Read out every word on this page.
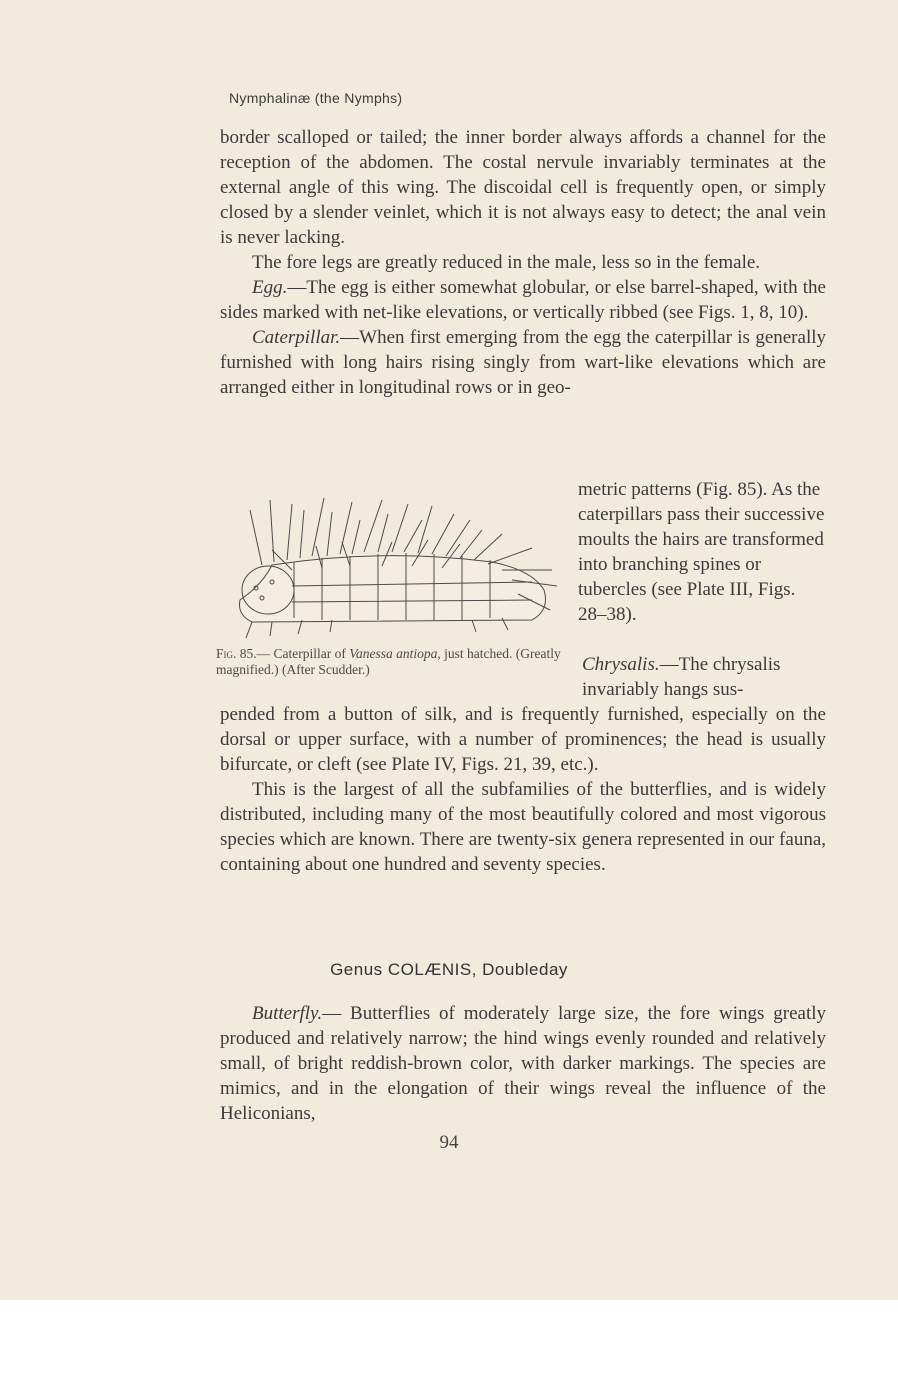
Nymphalinæ (the Nymphs)

border scalloped or tailed; the inner border always affords a channel for the reception of the abdomen. The costal nervule invariably terminates at the external angle of this wing. The discoidal cell is frequently open, or simply closed by a slender veinlet, which it is not always easy to detect; the anal vein is never lacking.

The fore legs are greatly reduced in the male, less so in the female.

Egg.—The egg is either somewhat globular, or else barrel-shaped, with the sides marked with net-like elevations, or vertically ribbed (see Figs. 1, 8, 10).

Caterpillar.—When first emerging from the egg the caterpillar is generally furnished with long hairs rising singly from wart-like elevations which are arranged either in longitudinal rows or in geo-

Fig. 85.— Caterpillar of Vanessa antiopa, just hatched. (Greatly magnified.) (After Scudder.)
metric patterns (Fig. 85). As the caterpillars pass their successive moults the hairs are transformed into branching spines or tubercles (see Plate III, Figs. 28–38).
Chrysalis.—The chrysalis invariably hangs sus-

pended from a button of silk, and is frequently furnished, especially on the dorsal or upper surface, with a number of prominences; the head is usually bifurcate, or cleft (see Plate IV, Figs. 21, 39, etc.).

This is the largest of all the subfamilies of the butterflies, and is widely distributed, including many of the most beautifully colored and most vigorous species which are known. There are twenty-six genera represented in our fauna, containing about one hundred and seventy species.

Genus COLÆNIS, Doubleday

Butterfly.— Butterflies of moderately large size, the fore wings greatly produced and relatively narrow; the hind wings evenly rounded and relatively small, of bright reddish-brown color, with darker markings. The species are mimics, and in the elongation of their wings reveal the influence of the Heliconians,

94
